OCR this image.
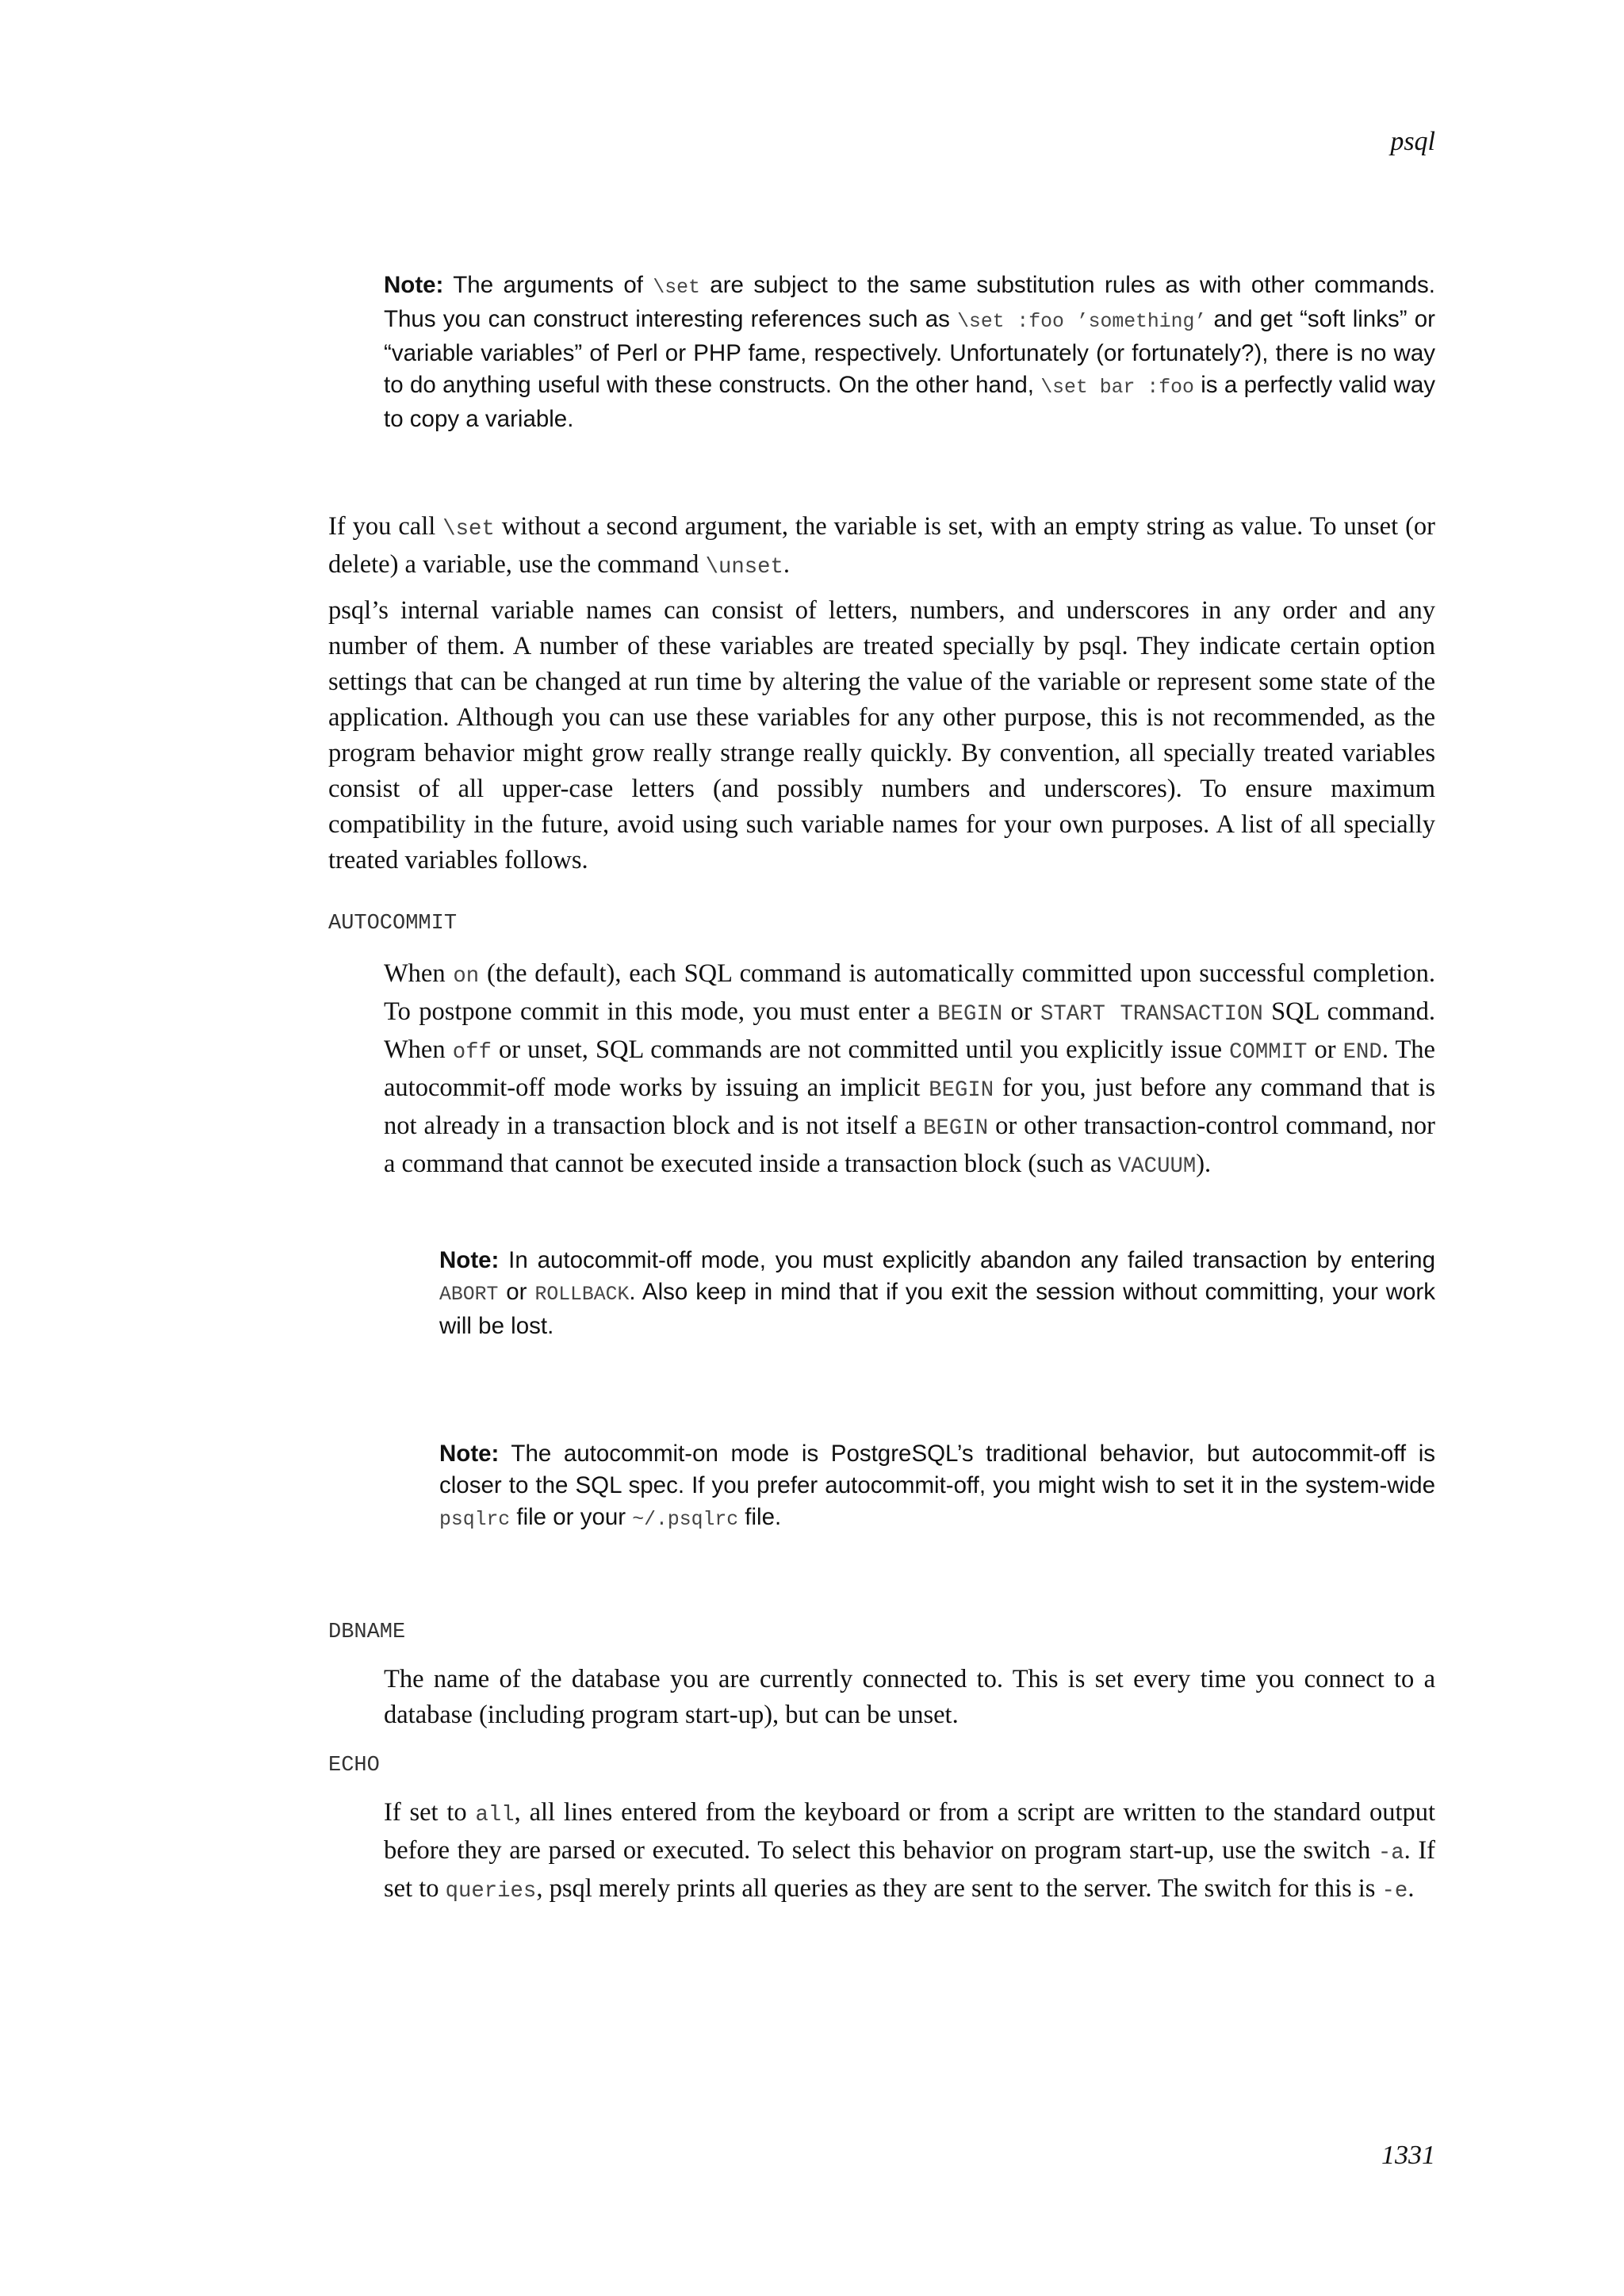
psql

Note: The arguments of \set are subject to the same substitution rules as with other commands. Thus you can construct interesting references such as \set :foo ’something’ and get “soft links” or “variable variables” of Perl or PHP fame, respectively. Unfortunately (or fortunately?), there is no way to do anything useful with these constructs. On the other hand, \set bar :foo is a perfectly valid way to copy a variable.

If you call \set without a second argument, the variable is set, with an empty string as value. To unset (or delete) a variable, use the command \unset.

psql’s internal variable names can consist of letters, numbers, and underscores in any order and any number of them. A number of these variables are treated specially by psql. They indicate certain option settings that can be changed at run time by altering the value of the variable or represent some state of the application. Although you can use these variables for any other purpose, this is not recommended, as the program behavior might grow really strange really quickly. By convention, all specially treated variables consist of all upper-case letters (and possibly numbers and underscores). To ensure maximum compatibility in the future, avoid using such variable names for your own purposes. A list of all specially treated variables follows.

AUTOCOMMIT

When on (the default), each SQL command is automatically committed upon successful completion. To postpone commit in this mode, you must enter a BEGIN or START TRANSACTION SQL command. When off or unset, SQL commands are not committed until you explicitly issue COMMIT or END. The autocommit-off mode works by issuing an implicit BEGIN for you, just before any command that is not already in a transaction block and is not itself a BEGIN or other transaction-control command, nor a command that cannot be executed inside a transaction block (such as VACUUM).

Note: In autocommit-off mode, you must explicitly abandon any failed transaction by entering ABORT or ROLLBACK. Also keep in mind that if you exit the session without committing, your work will be lost.

Note: The autocommit-on mode is PostgreSQL’s traditional behavior, but autocommit-off is closer to the SQL spec. If you prefer autocommit-off, you might wish to set it in the system-wide psqlrc file or your ~/.psqlrc file.

DBNAME

The name of the database you are currently connected to. This is set every time you connect to a database (including program start-up), but can be unset.

ECHO

If set to all, all lines entered from the keyboard or from a script are written to the standard output before they are parsed or executed. To select this behavior on program start-up, use the switch -a. If set to queries, psql merely prints all queries as they are sent to the server. The switch for this is -e.

1331
